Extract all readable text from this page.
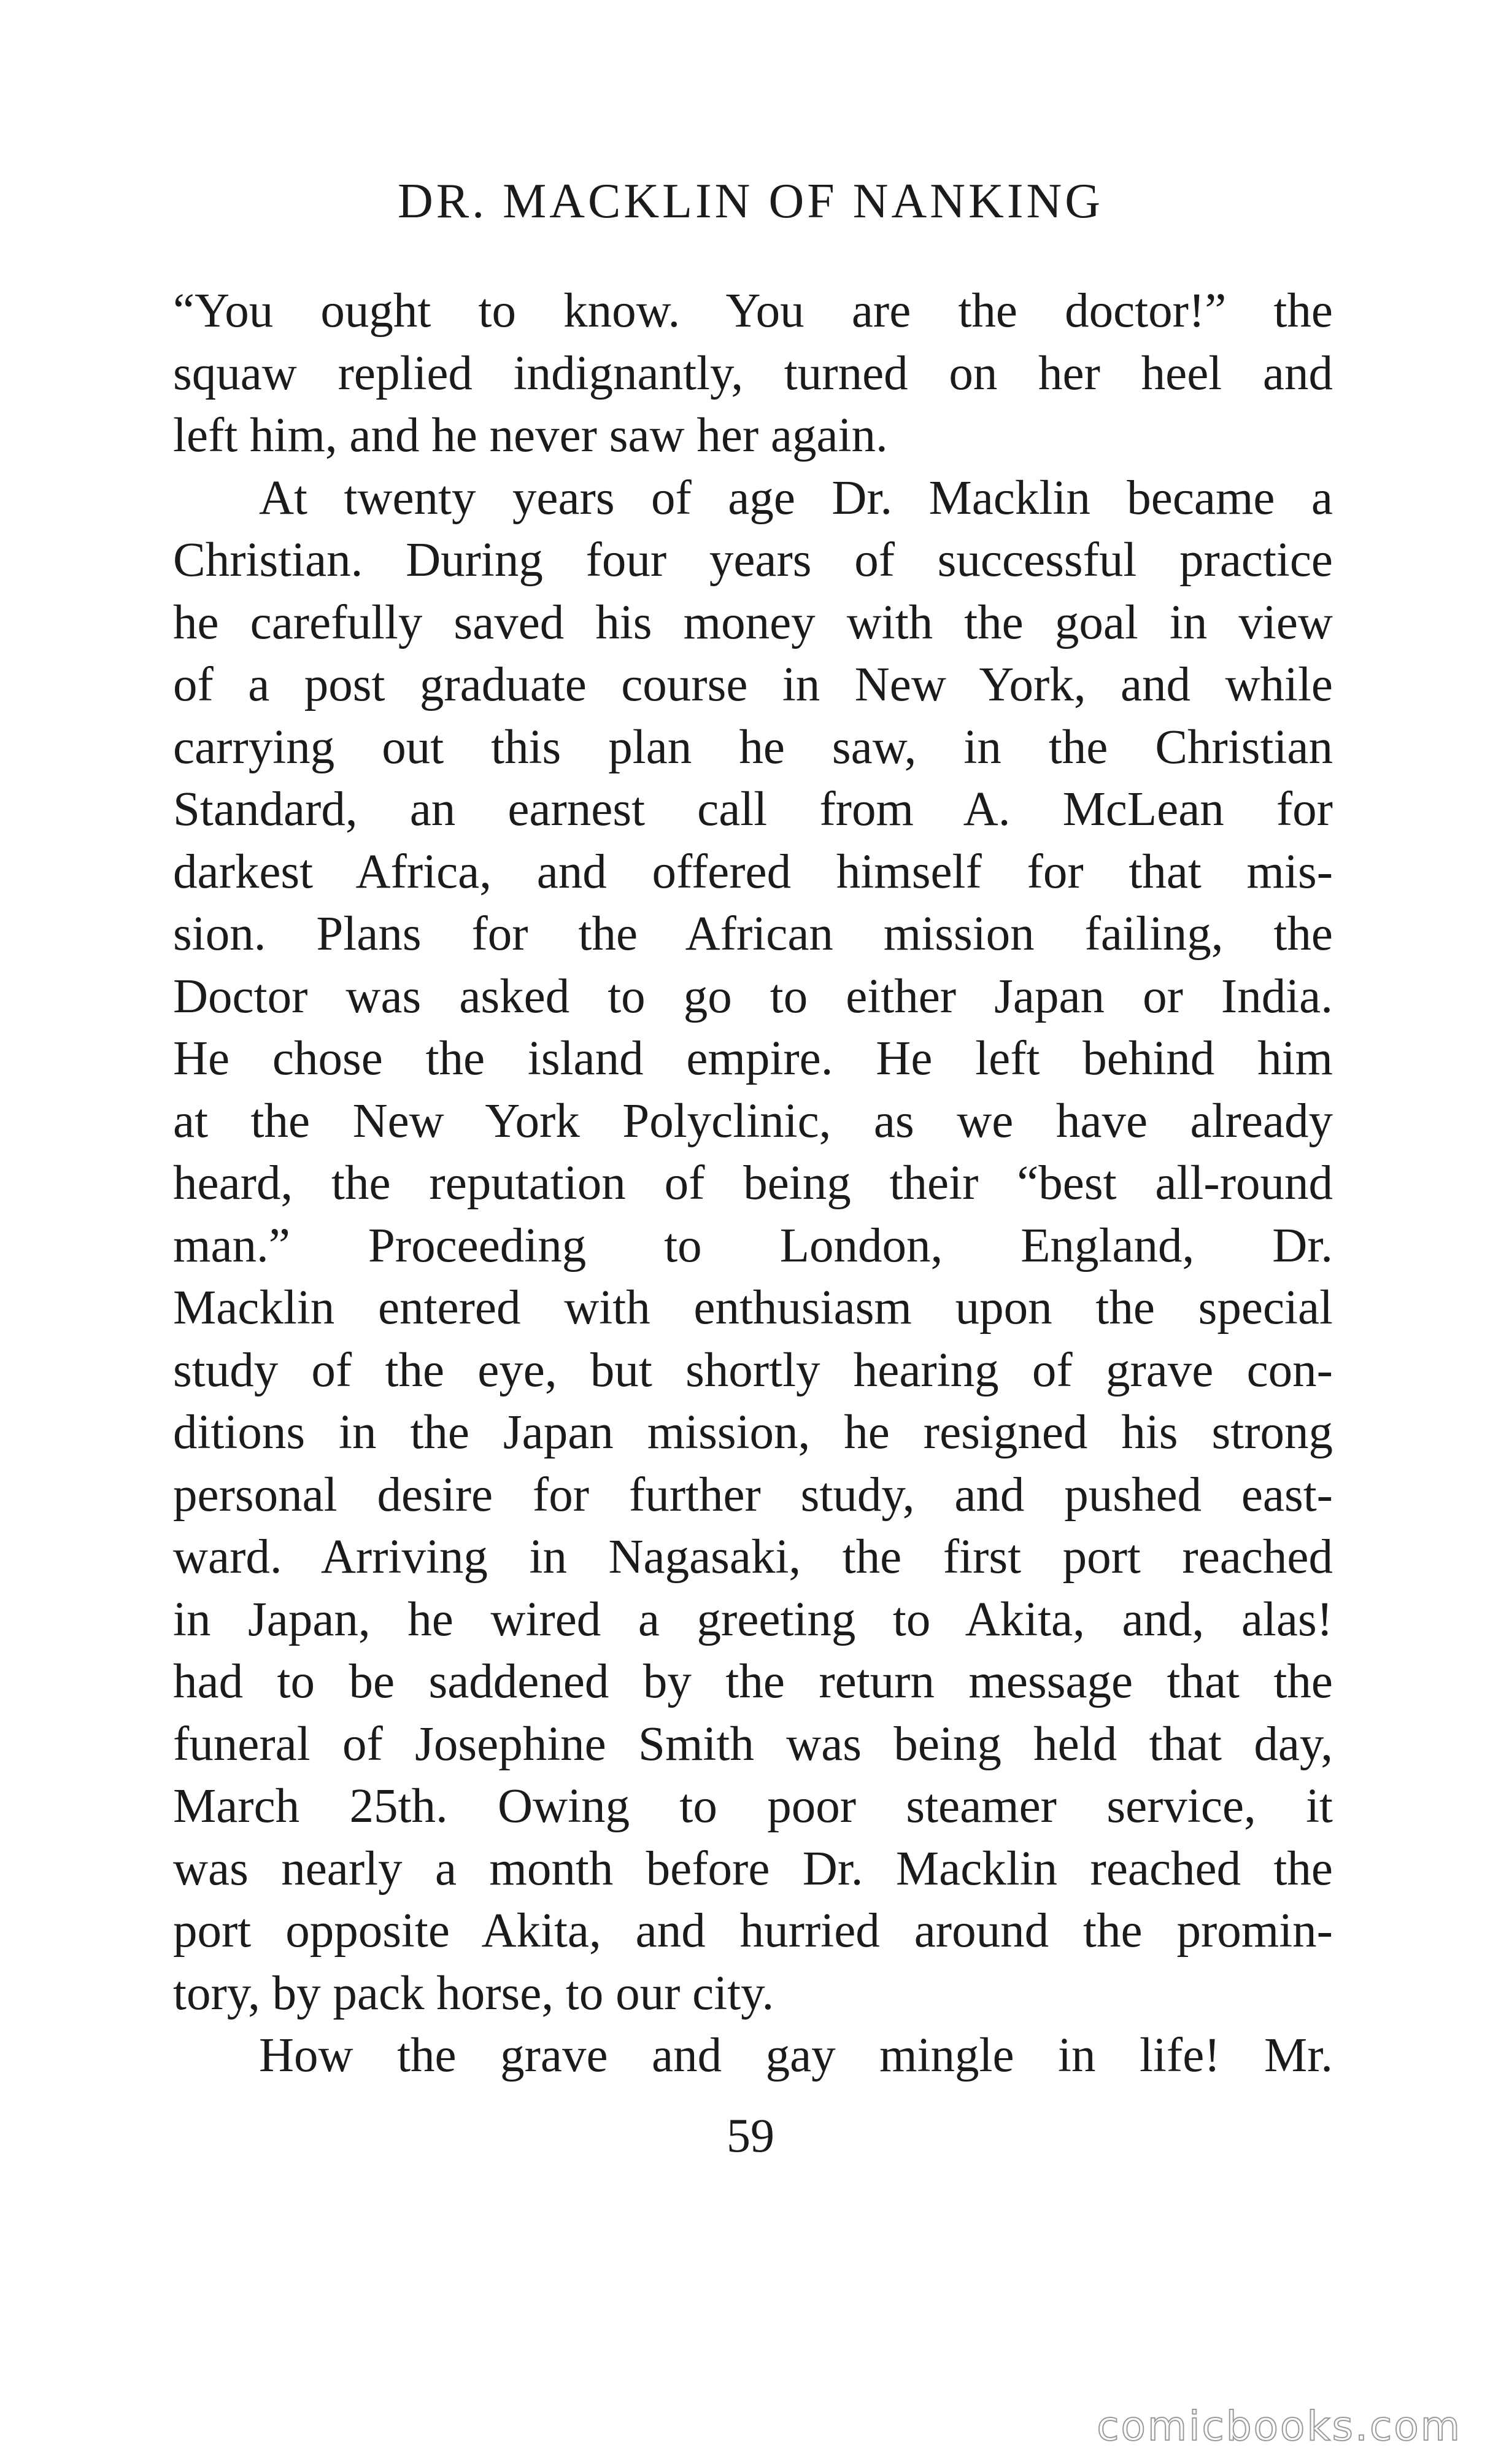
DR. MACKLIN OF NANKING
“You ought to know. You are the doctor!” the
squaw replied indignantly, turned on her heel and
left him, and he never saw her again.
At twenty years of age Dr. Macklin became a
Christian. During four years of successful practice
he carefully saved his money with the goal in view
of a post graduate course in New York, and while
carrying out this plan he saw, in the Christian
Standard, an earnest call from A. McLean for
darkest Africa, and offered himself for that mis-
sion. Plans for the African mission failing, the
Doctor was asked to go to either Japan or India.
He chose the island empire. He left behind him
at the New York Polyclinic, as we have already
heard, the reputation of being their “best all-round
man.” Proceeding to London, England, Dr.
Macklin entered with enthusiasm upon the special
study of the eye, but shortly hearing of grave con-
ditions in the Japan mission, he resigned his strong
personal desire for further study, and pushed east-
ward. Arriving in Nagasaki, the first port reached
in Japan, he wired a greeting to Akita, and, alas!
had to be saddened by the return message that the
funeral of Josephine Smith was being held that day,
March 25th. Owing to poor steamer service, it
was nearly a month before Dr. Macklin reached the
port opposite Akita, and hurried around the promin-
tory, by pack horse, to our city.
How the grave and gay mingle in life! Mr.
59
comicbooks.com
